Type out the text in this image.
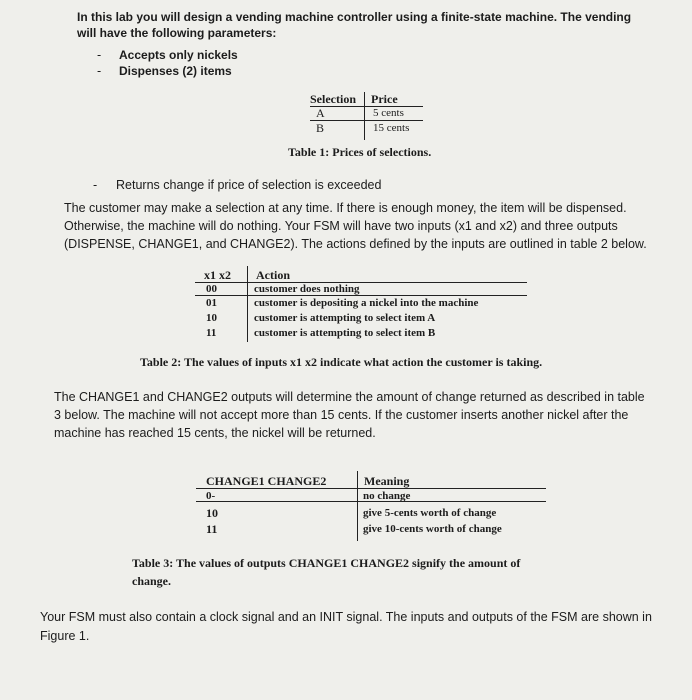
In this lab you will design a vending machine controller using a finite-state machine. The vending will have the following parameters:
- Accepts only nickels
- Dispenses (2) items
Selection Price
A	5 cents
B	15 cents
Table 1: Prices of selections.
- Returns change if price of selection is exceeded
The customer may make a selection at any time. If there is enough money, the item will be dispensed. Otherwise, the machine will do nothing. Your FSM will have two inputs (x1 and x2) and three outputs (DISPENSE, CHANGE1, and CHANGE2). The actions defined by the inputs are outlined in table 2 below.
x1 x2 Action
00	customer does nothing
01	customer is depositing a nickel into the machine
10	customer is attempting to select item A
11	customer is attempting to select item B
Table 2: The values of inputs x1 x2 indicate what action the customer is taking.
The CHANGE1 and CHANGE2 outputs will determine the amount of change returned as described in table 3 below. The machine will not accept more than 15 cents. If the customer inserts another nickel after the machine has reached 15 cents, the nickel will be returned.
CHANGE1 CHANGE2	Meaning
0-	no change
10	give 5-cents worth of change
11	give 10-cents worth of change
Table 3: The values of outputs CHANGE1 CHANGE2 signify the amount of
change.
Your FSM must also contain a clock signal and an INIT signal. The inputs and outputs of the FSM are shown in Figure 1.
